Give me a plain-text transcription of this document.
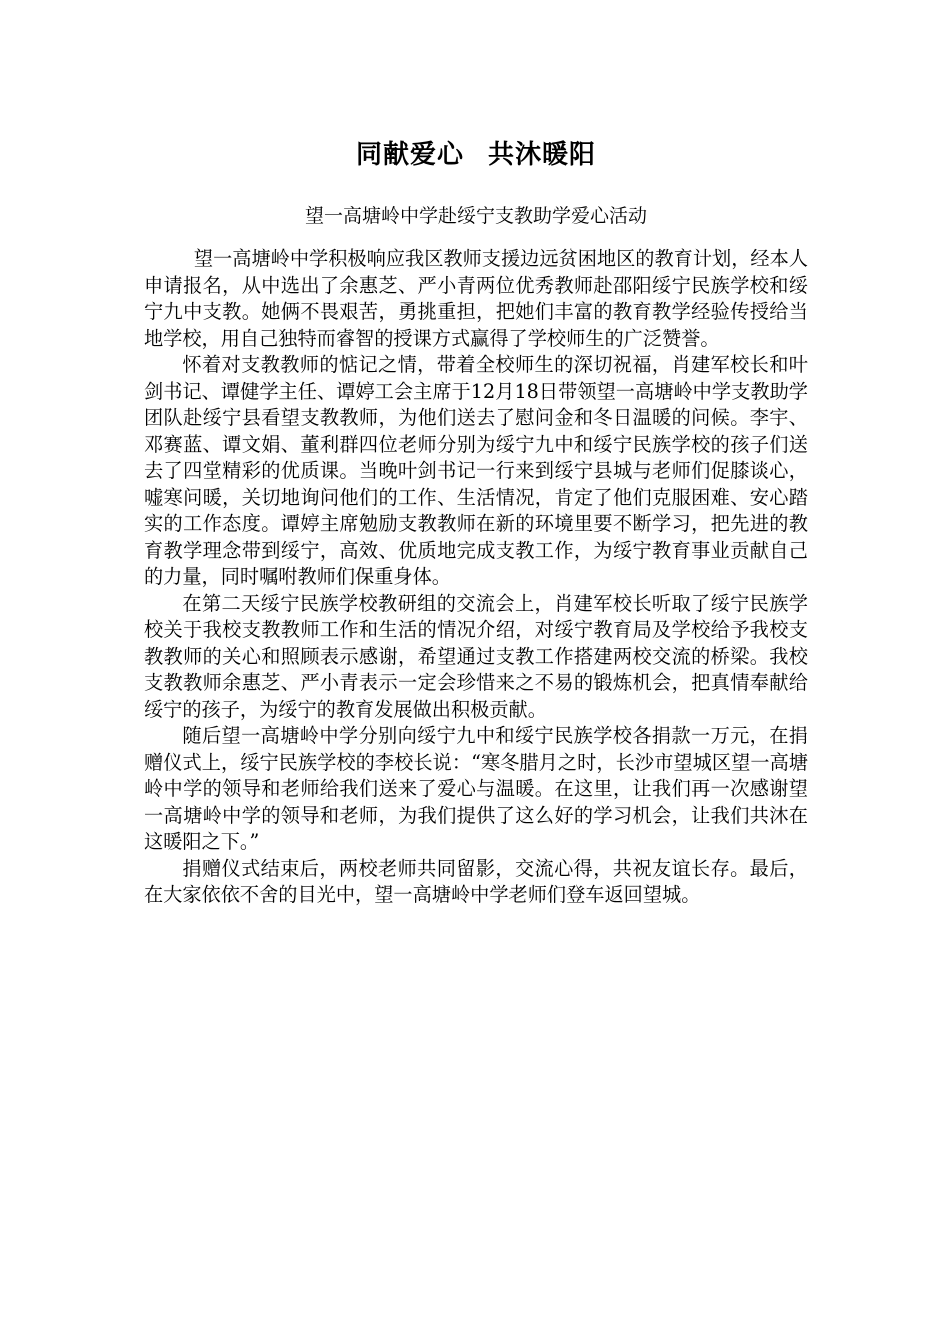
同献爱心 共沐暖阳

望一高塘岭中学赴绥宁支教助学爱心活动

望一高塘岭中学积极响应我区教师支援边远贫困地区的教育计划，经本人申请报名，从中选出了余惠芝、严小青两位优秀教师赴邵阳绥宁民族学校和绥宁九中支教。她俩不畏艰苦，勇挑重担，把她们丰富的教育教学经验传授给当地学校，用自己独特而睿智的授课方式赢得了学校师生的广泛赞誉。

怀着对支教教师的惦记之情，带着全校师生的深切祝福，肖建军校长和叶剑书记、谭健学主任、谭婷工会主席于12月18日带领望一高塘岭中学支教助学团队赴绥宁县看望支教教师，为他们送去了慰问金和冬日温暖的问候。李宇、邓赛蓝、谭文娟、董利群四位老师分别为绥宁九中和绥宁民族学校的孩子们送去了四堂精彩的优质课。当晚叶剑书记一行来到绥宁县城与老师们促膝谈心，嘘寒问暖，关切地询问他们的工作、生活情况，肯定了他们克服困难、安心踏实的工作态度。谭婷主席勉励支教教师在新的环境里要不断学习，把先进的教育教学理念带到绥宁，高效、优质地完成支教工作，为绥宁教育事业贡献自己的力量，同时嘱咐教师们保重身体。

在第二天绥宁民族学校教研组的交流会上，肖建军校长听取了绥宁民族学校关于我校支教教师工作和生活的情况介绍，对绥宁教育局及学校给予我校支教教师的关心和照顾表示感谢，希望通过支教工作搭建两校交流的桥梁。我校支教教师余惠芝、严小青表示一定会珍惜来之不易的锻炼机会，把真情奉献给绥宁的孩子，为绥宁的教育发展做出积极贡献。

随后望一高塘岭中学分别向绥宁九中和绥宁民族学校各捐款一万元，在捐赠仪式上，绥宁民族学校的李校长说：“寒冬腊月之时，长沙市望城区望一高塘岭中学的领导和老师给我们送来了爱心与温暖。在这里，让我们再一次感谢望一高塘岭中学的领导和老师，为我们提供了这么好的学习机会，让我们共沐在这暖阳之下。”

捐赠仪式结束后，两校老师共同留影，交流心得，共祝友谊长存。最后，在大家依依不舍的目光中，望一高塘岭中学老师们登车返回望城。
